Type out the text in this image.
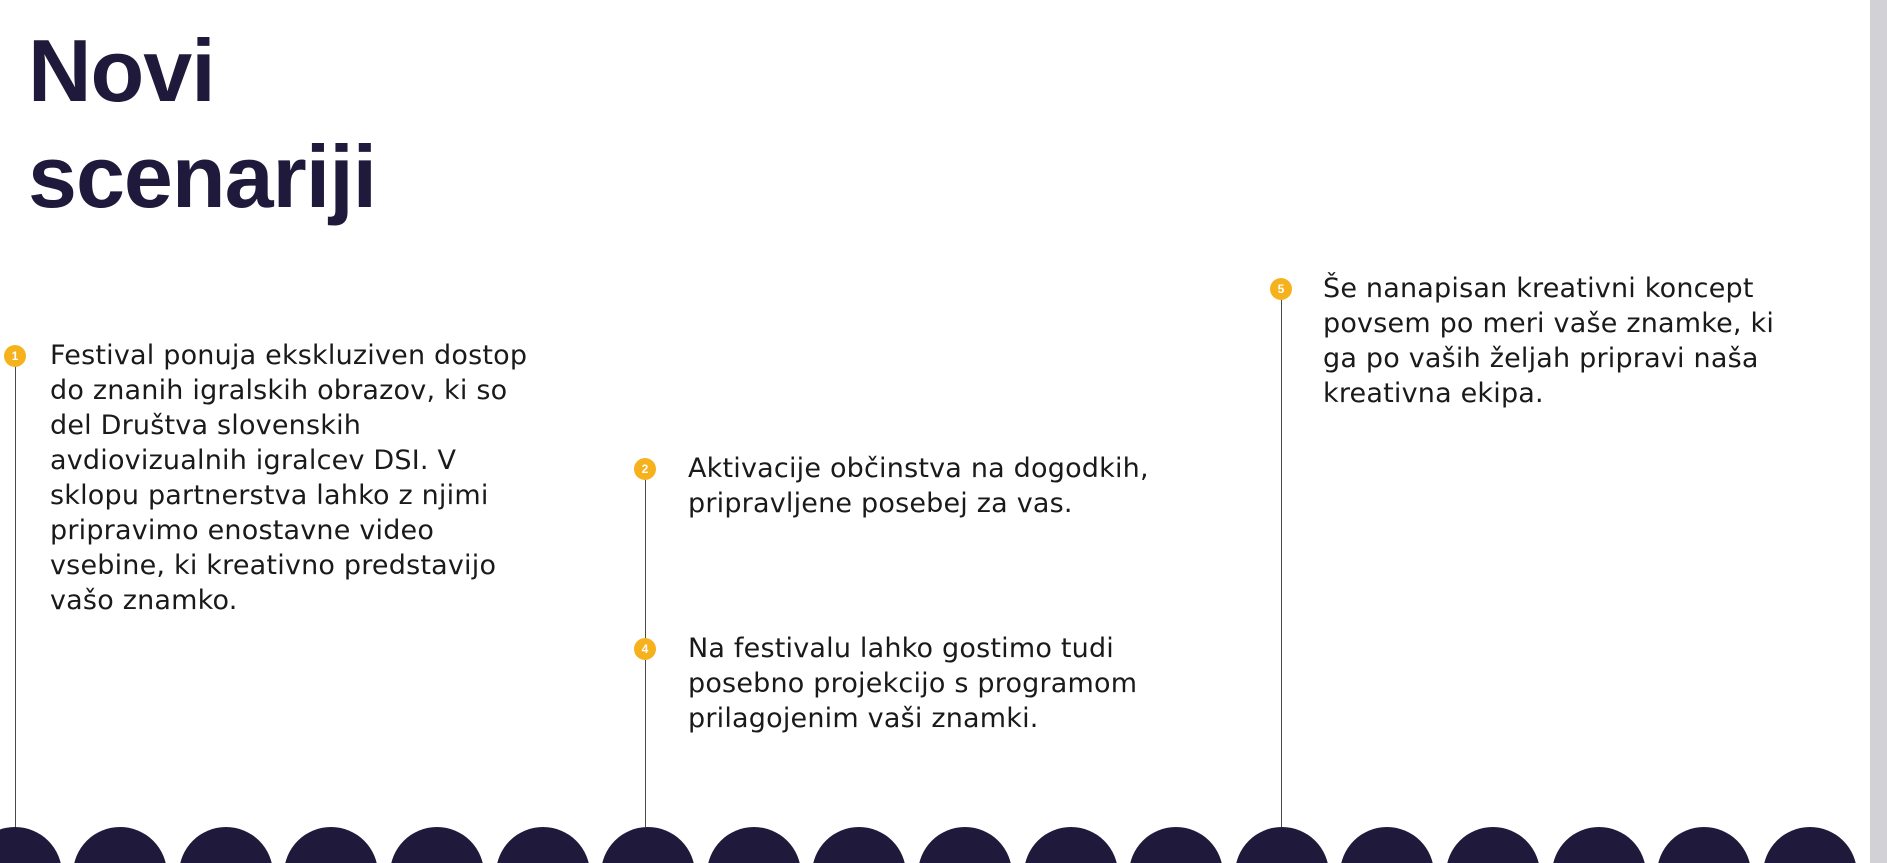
Novi
scenariji
1 Festival ponuja ekskluziven dostop do znanih igralskih obrazov, ki so del Društva slovenskih avdiovizualnih igralcev DSI. V sklopu partnerstva lahko z njimi pripravimo enostavne video vsebine, ki kreativno predstavijo vašo znamko.

2 Aktivacije občinstva na dogodkih, pripravljene posebej za vas.

4 Na festivalu lahko gostimo tudi posebno projekcijo s programom prilagojenim vaši znamki.

5 Še nanapisan kreativni koncept povsem po meri vaše znamke, ki ga po vaših željah pripravi naša kreativna ekipa.
